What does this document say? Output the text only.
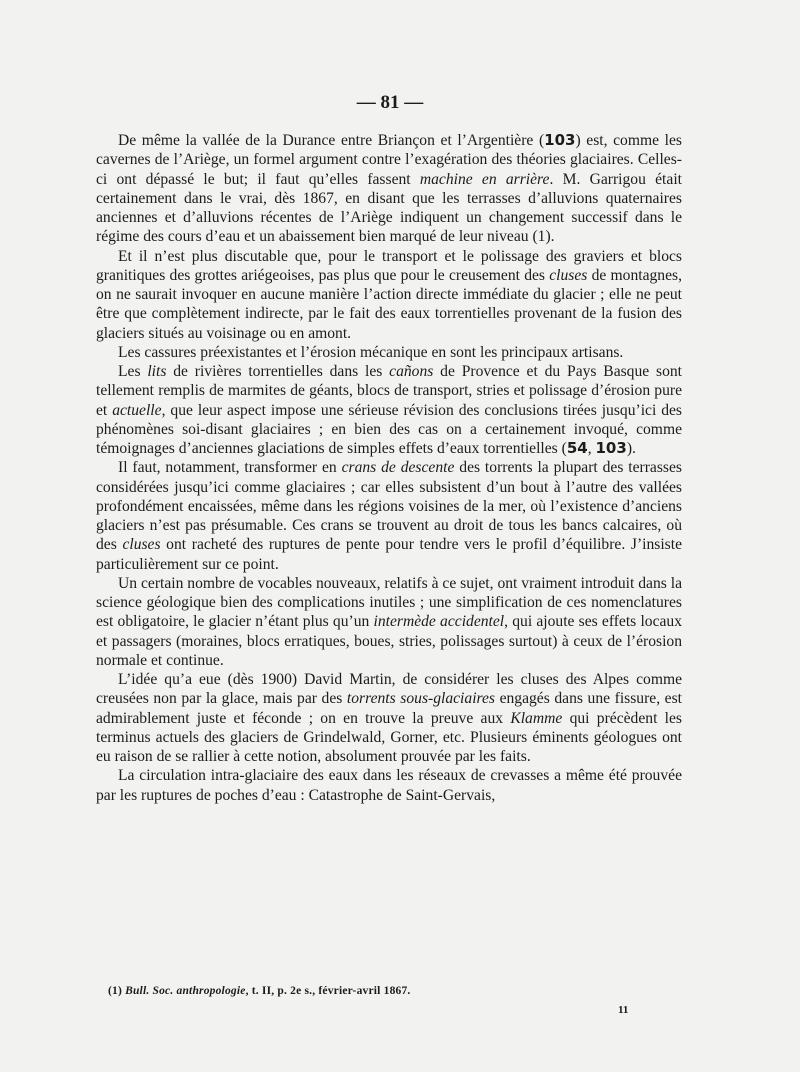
— 81 —

De même la vallée de la Durance entre Briançon et l’Argentière (103) est, comme les cavernes de l’Ariège, un formel argument contre l’exagération des théories glaciaires. Celles-ci ont dépassé le but; il faut qu’elles fassent machine en arrière. M. Garrigou était certainement dans le vrai, dès 1867, en disant que les terrasses d’alluvions quaternaires anciennes et d’alluvions récentes de l’Ariège indiquent un changement successif dans le régime des cours d’eau et un abaissement bien marqué de leur niveau (1).

Et il n’est plus discutable que, pour le transport et le polissage des graviers et blocs granitiques des grottes ariégeoises, pas plus que pour le creusement des cluses de montagnes, on ne saurait invoquer en aucune manière l’action directe immédiate du glacier ; elle ne peut être que complètement indirecte, par le fait des eaux torrentielles provenant de la fusion des glaciers situés au voisinage ou en amont.

Les cassures préexistantes et l’érosion mécanique en sont les principaux artisans.

Les lits de rivières torrentielles dans les cañons de Provence et du Pays Basque sont tellement remplis de marmites de géants, blocs de transport, stries et polissage d’érosion pure et actuelle, que leur aspect impose une sérieuse révision des conclusions tirées jusqu’ici des phénomènes soi-disant glaciaires ; en bien des cas on a certainement invoqué, comme témoignages d’anciennes glaciations de simples effets d’eaux torrentielles (54, 103).

Il faut, notamment, transformer en crans de descente des torrents la plupart des terrasses considérées jusqu’ici comme glaciaires ; car elles subsistent d’un bout à l’autre des vallées profondément encaissées, même dans les régions voisines de la mer, où l’existence d’anciens glaciers n’est pas présumable. Ces crans se trouvent au droit de tous les bancs calcaires, où des cluses ont racheté des ruptures de pente pour tendre vers le profil d’équilibre. J’insiste particulièrement sur ce point.

Un certain nombre de vocables nouveaux, relatifs à ce sujet, ont vraiment introduit dans la science géologique bien des complications inutiles ; une simplification de ces nomenclatures est obligatoire, le glacier n’étant plus qu’un intermède accidentel, qui ajoute ses effets locaux et passagers (moraines, blocs erratiques, boues, stries, polissages surtout) à ceux de l’érosion normale et continue.

L’idée qu’a eue (dès 1900) David Martin, de considérer les cluses des Alpes comme creusées non par la glace, mais par des torrents sous-glaciaires engagés dans une fissure, est admirablement juste et féconde ; on en trouve la preuve aux Klamme qui précèdent les terminus actuels des glaciers de Grindelwald, Gorner, etc. Plusieurs éminents géologues ont eu raison de se rallier à cette notion, absolument prouvée par les faits.

La circulation intra-glaciaire des eaux dans les réseaux de crevasses a même été prouvée par les ruptures de poches d’eau : Catastrophe de Saint-Gervais,

(1) Bull. Soc. anthropologie, t. II, p. 2e s., février-avril 1867.
11
